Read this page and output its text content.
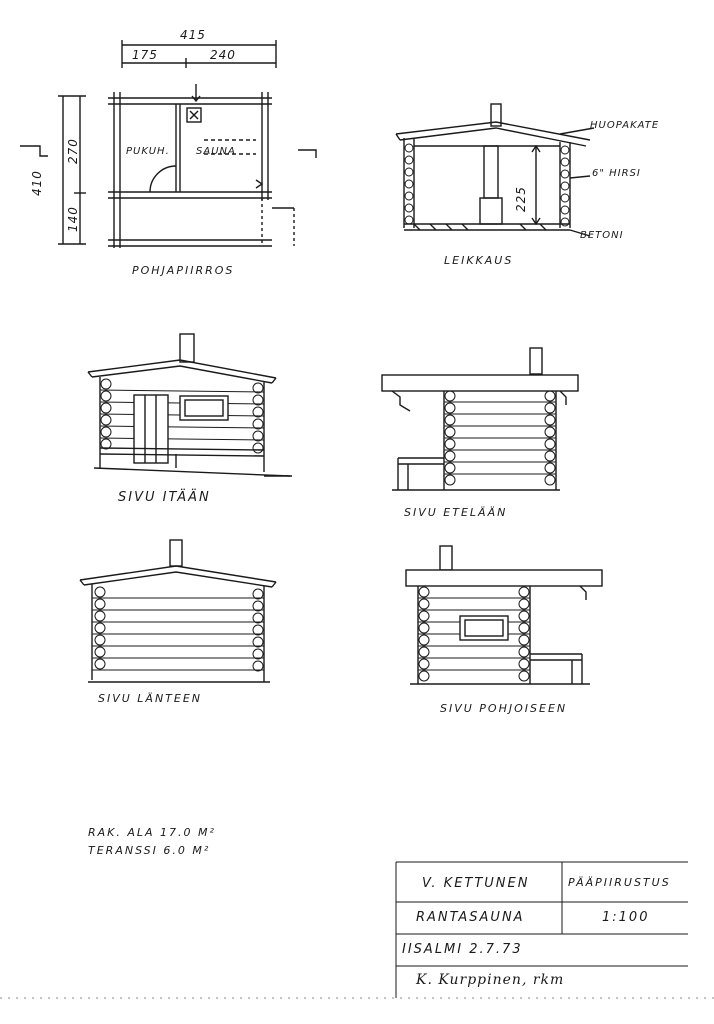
415
175	240
410
270
140
PUKUH.	SAUNA
POHJAPIIRROS
HUOPAKATE
6" HIRSI
BETONI
225
LEIKKAUS
SIVU ITÄÄN
SIVU ETELÄÄN
SIVU LÄNTEEN
SIVU POHJOISEEN
RAK. ALA 17.0 M²
TERANSSI 6.0 M²
V. KETTUNEN	PÄÄPIIRUSTUS
RANTASAUNA	1:100
IISALMI 2.7.73
K. Kurppinen, rkm
